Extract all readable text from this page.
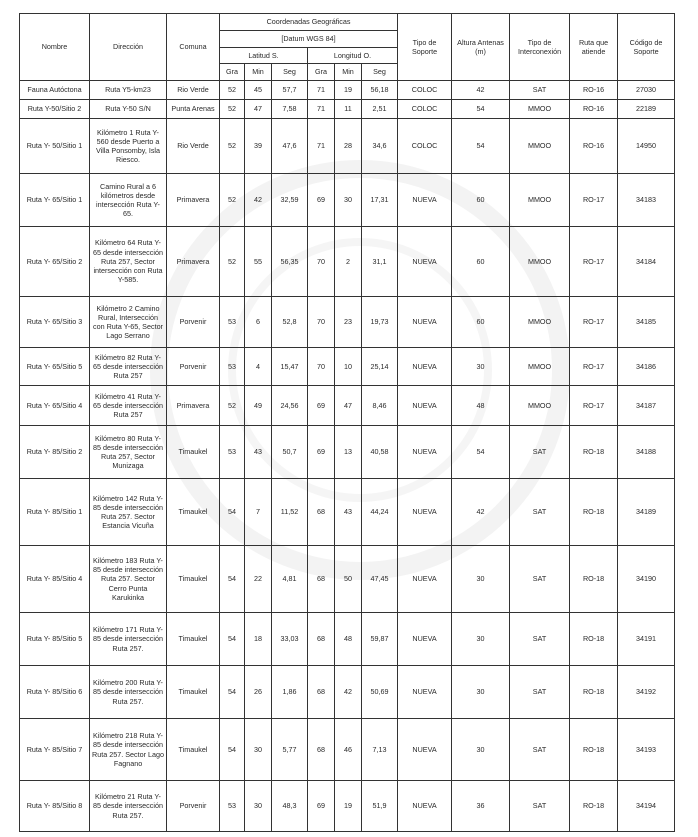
Nombre	Dirección	Comuna	Coordenadas Geográficas						Tipo de Soporte	Altura Antenas (m)	Tipo de Interconexión	Ruta que atiende	Código de Soporte
			[Datum WGS 84]										
			Latitud S.			Longitud O.							
			Gra	Min	Seg	Gra	Min	Seg					
Fauna Autóctona	Ruta Y5-km23	Rio Verde	52	45	57,7	71	19	56,18	COLOC	42	SAT	RO-16	27030
Ruta Y-50/Sitio 2	Ruta Y-50 S/N	Punta Arenas	52	47	7,58	71	11	2,51	COLOC	54	MMOO	RO-16	22189
Ruta Y- 50/Sitio 1	Kilómetro 1 Ruta Y-560 desde Puerto a Villa Ponsomby, Isla Riesco.	Rio Verde	52	39	47,6	71	28	34,6	COLOC	54	MMOO	RO-16	14950
Ruta Y- 65/Sitio 1	Camino Rural a 6 kilómetros desde intersección Ruta Y-65.	Primavera	52	42	32,59	69	30	17,31	NUEVA	60	MMOO	RO-17	34183
Ruta Y- 65/Sitio 2	Kilómetro 64 Ruta Y-65 desde intersección Ruta 257, Sector intersección con Ruta Y-585.	Primavera	52	55	56,35	70	2	31,1	NUEVA	60	MMOO	RO-17	34184
Ruta Y- 65/Sitio 3	Kilómetro 2 Camino Rural, Intersección con Ruta Y-65, Sector Lago Serrano	Porvenir	53	6	52,8	70	23	19,73	NUEVA	60	MMOO	RO-17	34185
Ruta Y- 65/Sitio 5	Kilómetro 82 Ruta Y-65 desde intersección Ruta 257	Porvenir	53	4	15,47	70	10	25,14	NUEVA	30	MMOO	RO-17	34186
Ruta Y- 65/Sitio 4	Kilómetro 41 Ruta Y-65 desde intersección Ruta 257	Primavera	52	49	24,56	69	47	8,46	NUEVA	48	MMOO	RO-17	34187
Ruta Y- 85/Sitio 2	Kilómetro 80 Ruta Y-85 desde intersección Ruta 257, Sector Munizaga	Timaukel	53	43	50,7	69	13	40,58	NUEVA	54	SAT	RO-18	34188
Ruta Y- 85/Sitio 1	Kilómetro 142 Ruta Y-85 desde intersección Ruta 257. Sector Estancia Vicuña	Timaukel	54	7	11,52	68	43	44,24	NUEVA	42	SAT	RO-18	34189
Ruta Y- 85/Sitio 4	Kilómetro 183 Ruta Y-85 desde intersección Ruta 257. Sector Cerro Punta Karukinka	Timaukel	54	22	4,81	68	50	47,45	NUEVA	30	SAT	RO-18	34190
Ruta Y- 85/Sitio 5	Kilómetro 171 Ruta Y-85 desde intersección Ruta 257.	Timaukel	54	18	33,03	68	48	59,87	NUEVA	30	SAT	RO-18	34191
Ruta Y- 85/Sitio 6	Kilómetro 200 Ruta Y-85 desde intersección Ruta 257.	Timaukel	54	26	1,86	68	42	50,69	NUEVA	30	SAT	RO-18	34192
Ruta Y- 85/Sitio 7	Kilómetro 218 Ruta Y-85 desde intersección Ruta 257. Sector Lago Fagnano	Timaukel	54	30	5,77	68	46	7,13	NUEVA	30	SAT	RO-18	34193
Ruta Y- 85/Sitio 8	Kilómetro 21 Ruta Y-85 desde intersección Ruta 257.	Porvenir	53	30	48,3	69	19	51,9	NUEVA	36	SAT	RO-18	34194
